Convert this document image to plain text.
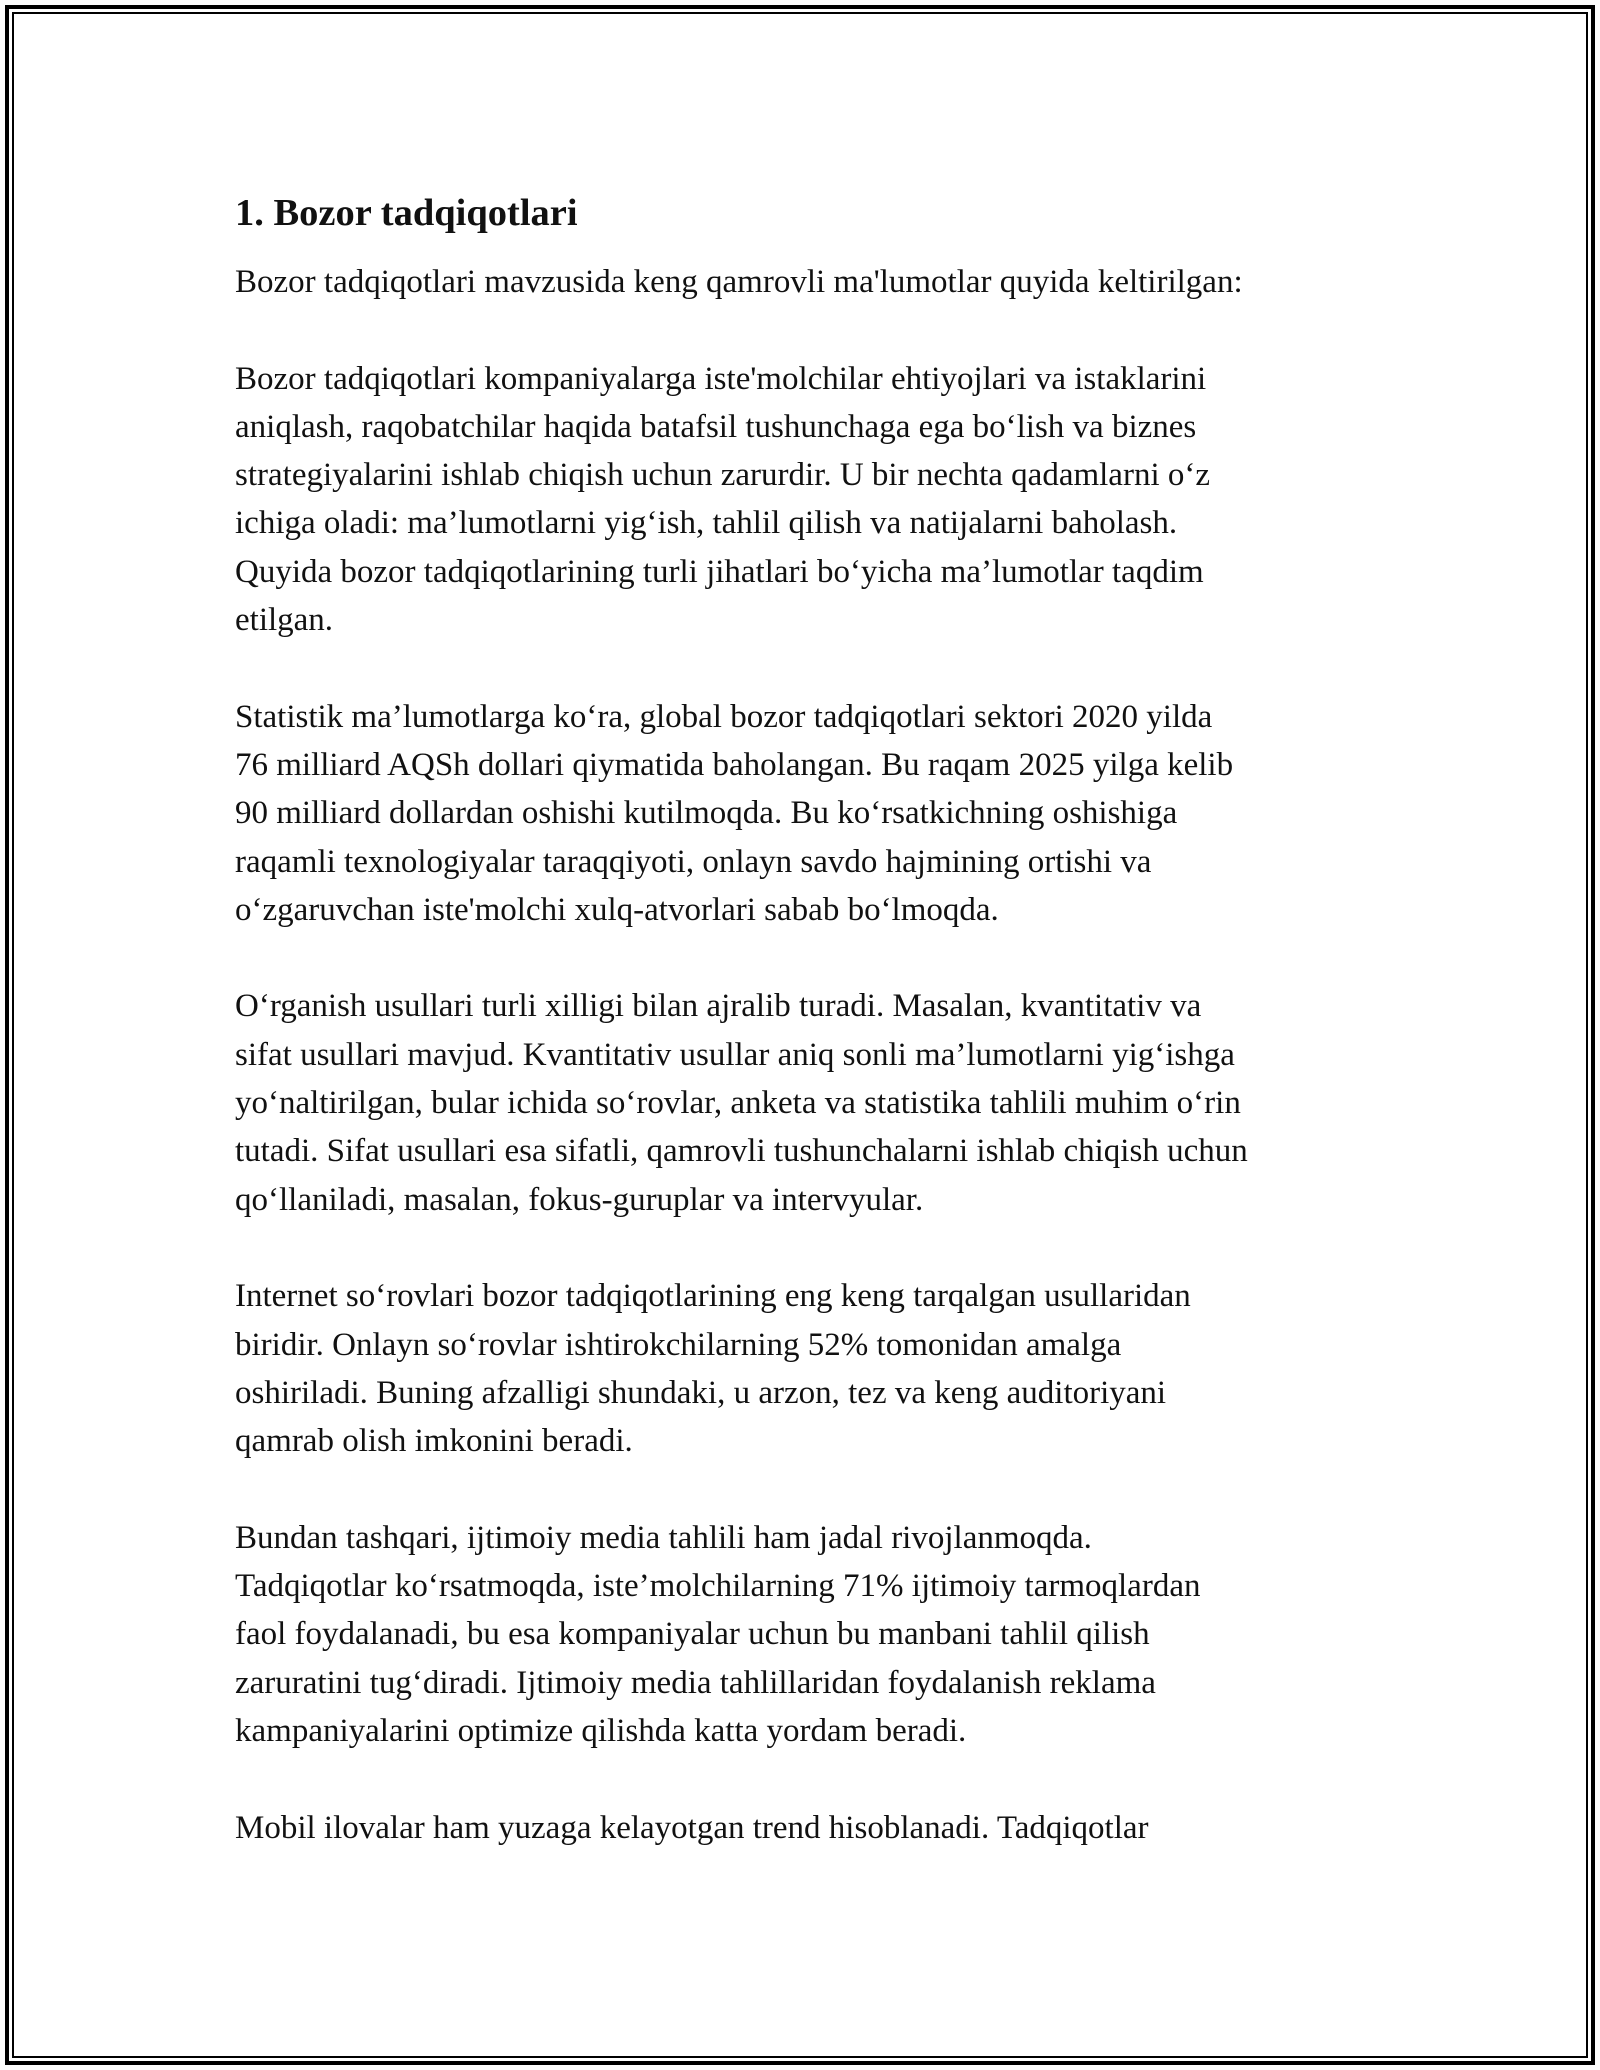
1. Bozor tadqiqotlari

Bozor tadqiqotlari mavzusida keng qamrovli ma'lumotlar quyida keltirilgan:

Bozor tadqiqotlari kompaniyalarga iste'molchilar ehtiyojlari va istaklarini
aniqlash, raqobatchilar haqida batafsil tushunchaga ega bo‘lish va biznes
strategiyalarini ishlab chiqish uchun zarurdir. U bir nechta qadamlarni o‘z
ichiga oladi: ma’lumotlarni yig‘ish, tahlil qilish va natijalarni baholash.
Quyida bozor tadqiqotlarining turli jihatlari bo‘yicha ma’lumotlar taqdim
etilgan.

Statistik ma’lumotlarga ko‘ra, global bozor tadqiqotlari sektori 2020 yilda
76 milliard AQSh dollari qiymatida baholangan. Bu raqam 2025 yilga kelib
90 milliard dollardan oshishi kutilmoqda. Bu ko‘rsatkichning oshishiga
raqamli texnologiyalar taraqqiyoti, onlayn savdo hajmining ortishi va
o‘zgaruvchan iste'molchi xulq-atvorlari sabab bo‘lmoqda.

O‘rganish usullari turli xilligi bilan ajralib turadi. Masalan, kvantitativ va
sifat usullari mavjud. Kvantitativ usullar aniq sonli ma’lumotlarni yig‘ishga
yo‘naltirilgan, bular ichida so‘rovlar, anketa va statistika tahlili muhim o‘rin
tutadi. Sifat usullari esa sifatli, qamrovli tushunchalarni ishlab chiqish uchun
qo‘llaniladi, masalan, fokus-guruplar va intervyular.

Internet so‘rovlari bozor tadqiqotlarining eng keng tarqalgan usullaridan
biridir. Onlayn so‘rovlar ishtirokchilarning 52% tomonidan amalga
oshiriladi. Buning afzalligi shundaki, u arzon, tez va keng auditoriyani
qamrab olish imkonini beradi.

Bundan tashqari, ijtimoiy media tahlili ham jadal rivojlanmoqda.
Tadqiqotlar ko‘rsatmoqda, iste’molchilarning 71% ijtimoiy tarmoqlardan
faol foydalanadi, bu esa kompaniyalar uchun bu manbani tahlil qilish
zaruratini tug‘diradi. Ijtimoiy media tahlillaridan foydalanish reklama
kampaniyalarini optimize qilishda katta yordam beradi.

Mobil ilovalar ham yuzaga kelayotgan trend hisoblanadi. Tadqiqotlar
